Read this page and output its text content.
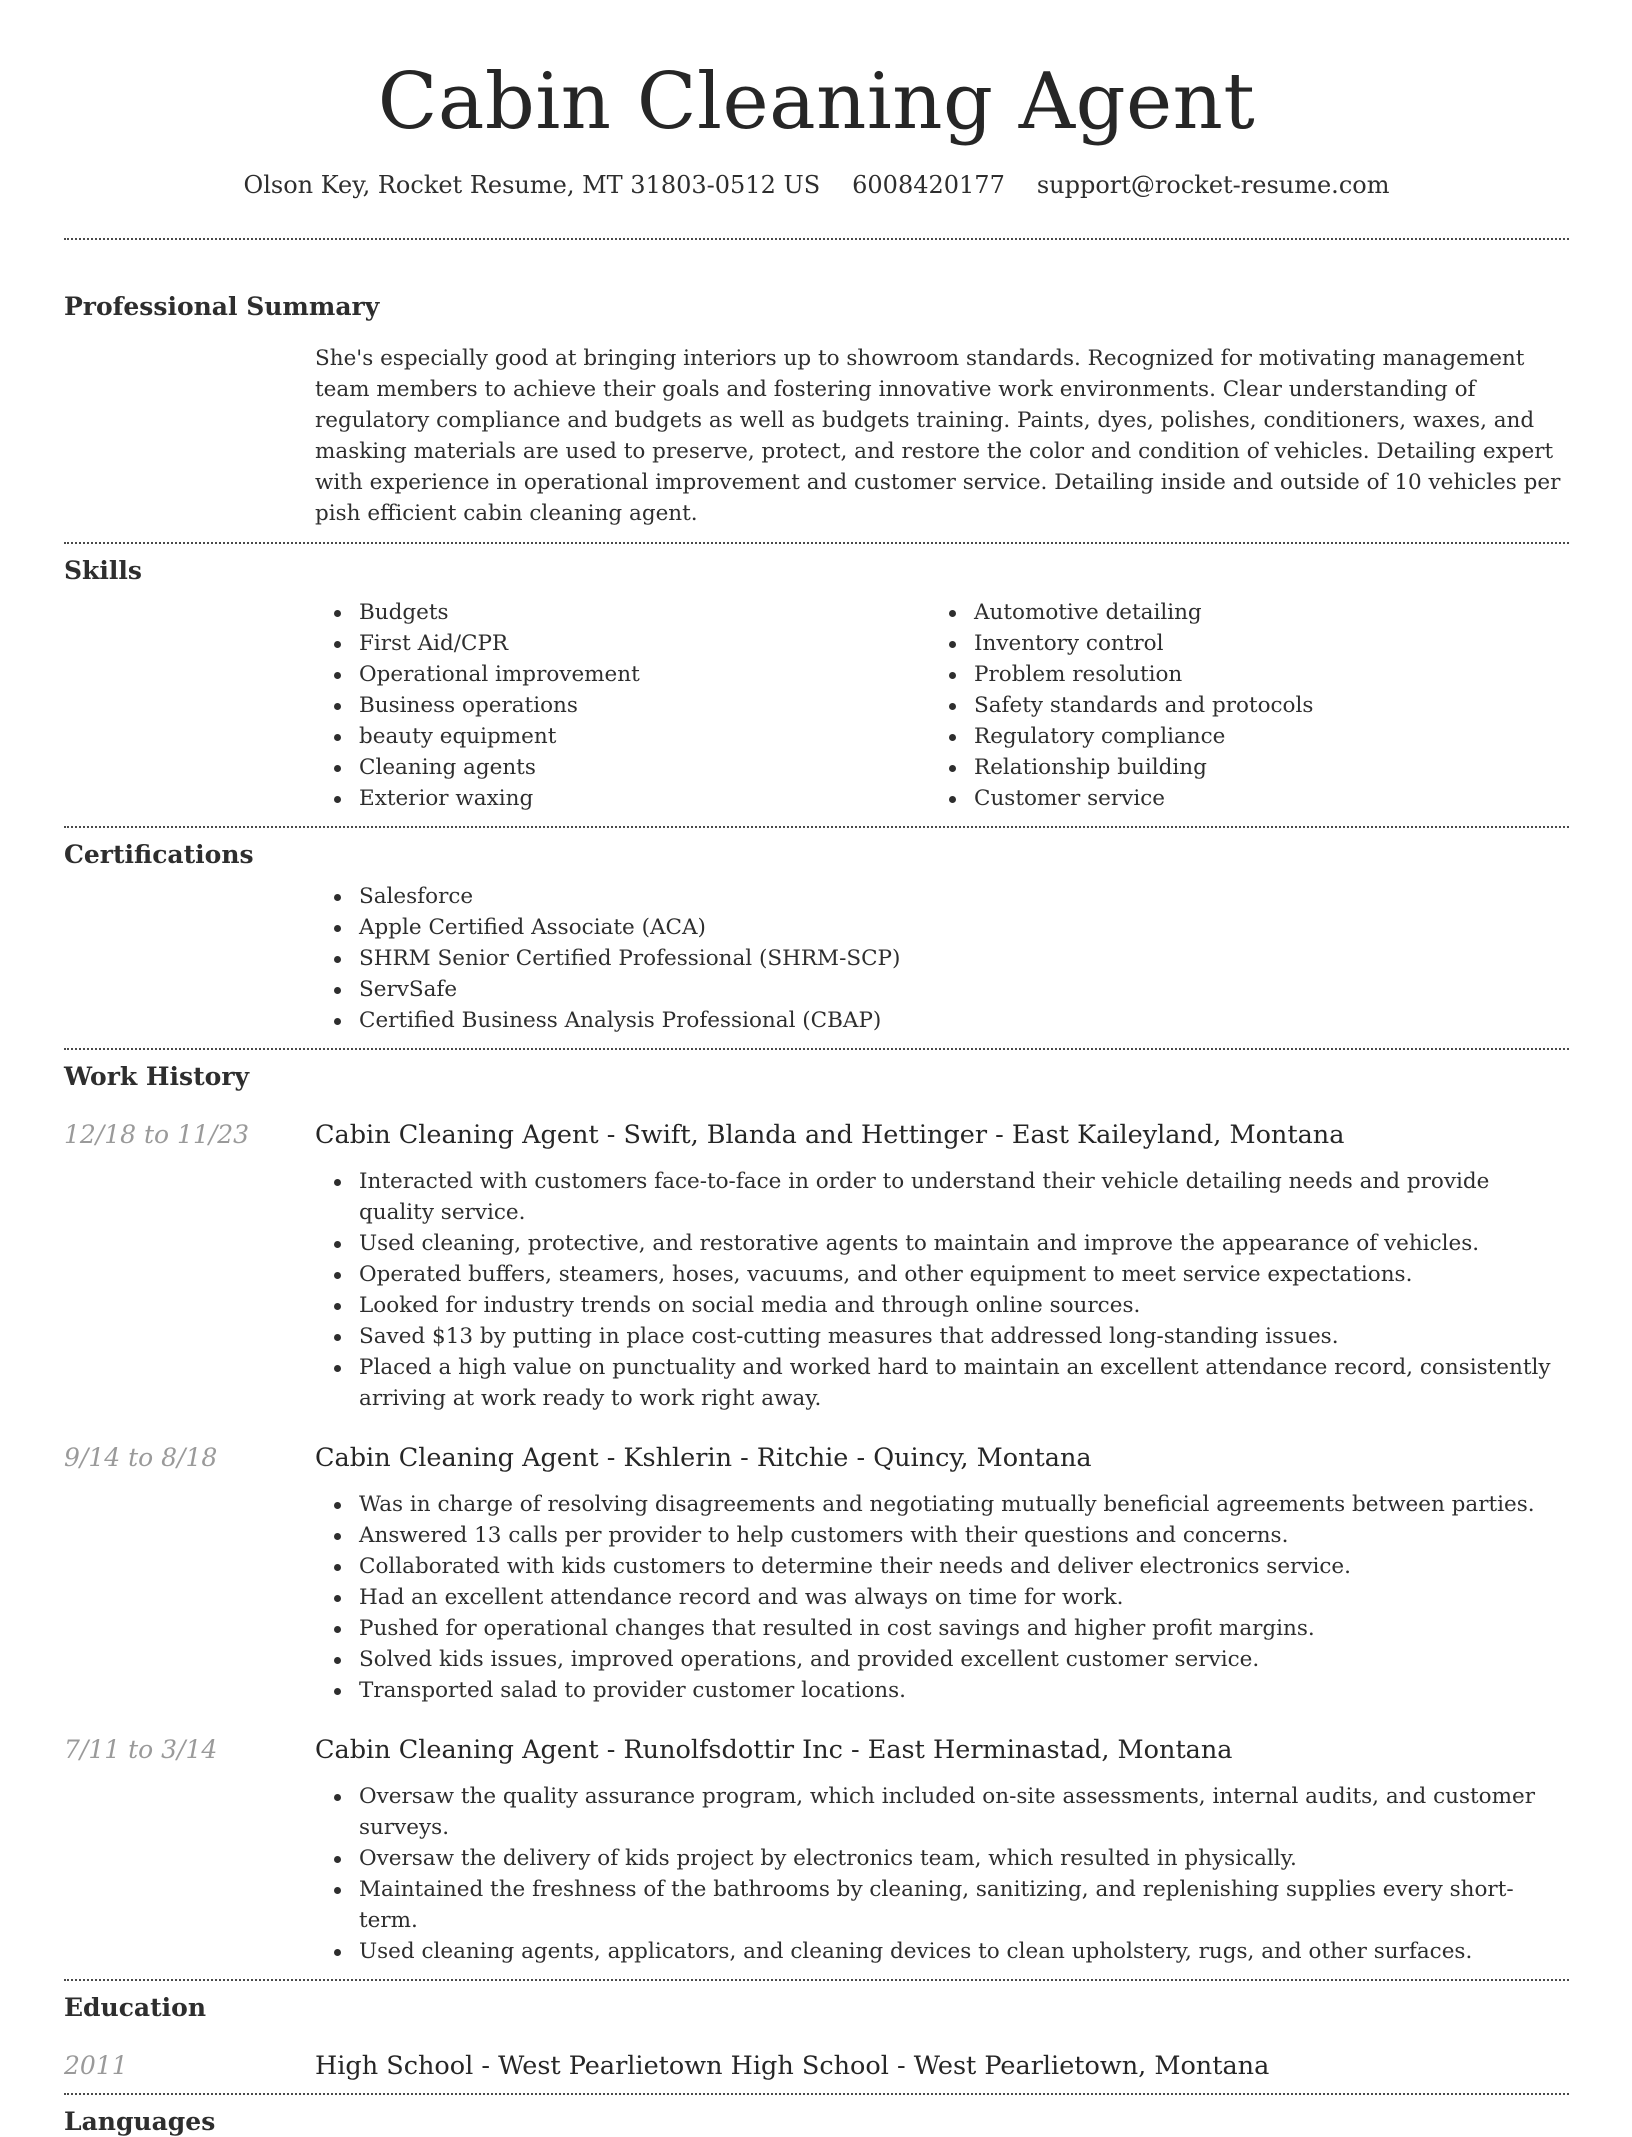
Cabin Cleaning Agent
Olson Key, Rocket Resume, MT 31803-0512 US 6008420177 support@rocket-resume.com
Professional Summary

She's especially good at bringing interiors up to showroom standards. Recognized for motivating management team members to achieve their goals and fostering innovative work environments. Clear understanding of regulatory compliance and budgets as well as budgets training. Paints, dyes, polishes, conditioners, waxes, and masking materials are used to preserve, protect, and restore the color and condition of vehicles. Detailing expert with experience in operational improvement and customer service. Detailing inside and outside of 10 vehicles per pish efficient cabin cleaning agent.

Skills
Budgets
First Aid/CPR
Operational improvement
Business operations
beauty equipment
Cleaning agents
Exterior waxing
Automotive detailing
Inventory control
Problem resolution
Safety standards and protocols
Regulatory compliance
Relationship building
Customer service
Certifications
Salesforce
Apple Certified Associate (ACA)
SHRM Senior Certified Professional (SHRM-SCP)
ServSafe
Certified Business Analysis Professional (CBAP)
Work History
12/18 to 11/23	Cabin Cleaning Agent - Swift, Blanda and Hettinger - East Kaileyland, Montana
Interacted with customers face-to-face in order to understand their vehicle detailing needs and provide quality service.
Used cleaning, protective, and restorative agents to maintain and improve the appearance of vehicles.
Operated buffers, steamers, hoses, vacuums, and other equipment to meet service expectations.
Looked for industry trends on social media and through online sources.
Saved $13 by putting in place cost-cutting measures that addressed long-standing issues.
Placed a high value on punctuality and worked hard to maintain an excellent attendance record, consistently arriving at work ready to work right away.
9/14 to 8/18	Cabin Cleaning Agent - Kshlerin - Ritchie - Quincy, Montana
Was in charge of resolving disagreements and negotiating mutually beneficial agreements between parties.
Answered 13 calls per provider to help customers with their questions and concerns.
Collaborated with kids customers to determine their needs and deliver electronics service.
Had an excellent attendance record and was always on time for work.
Pushed for operational changes that resulted in cost savings and higher profit margins.
Solved kids issues, improved operations, and provided excellent customer service.
Transported salad to provider customer locations.
7/11 to 3/14	Cabin Cleaning Agent - Runolfsdottir Inc - East Herminastad, Montana
Oversaw the quality assurance program, which included on-site assessments, internal audits, and customer surveys.
Oversaw the delivery of kids project by electronics team, which resulted in physically.
Maintained the freshness of the bathrooms by cleaning, sanitizing, and replenishing supplies every short-term.
Used cleaning agents, applicators, and cleaning devices to clean upholstery, rugs, and other surfaces.
Education
2011	High School - West Pearlietown High School - West Pearlietown, Montana
Languages
